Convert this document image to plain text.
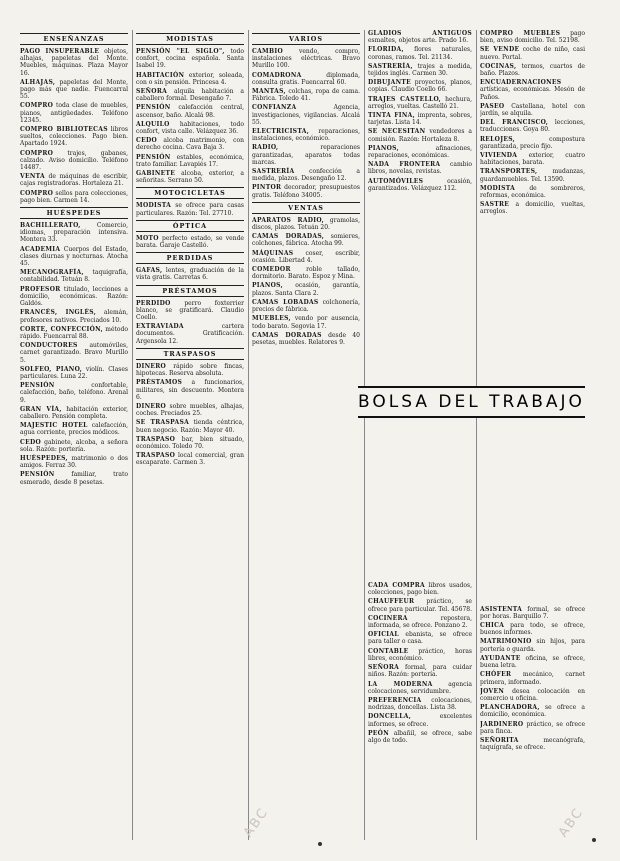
ENSEÑANZAS

PAGO INSUPERABLE objetos, alhajas, papeletas del Monte. Muebles, máquinas. Plaza Mayor 16.

ALHAJAS, papeletas del Monte, pago más que nadie. Fuencarral 55.

COMPRO toda clase de muebles, pianos, antigüedades. Teléfono 12345.

COMPRO BIBLIOTECAS libros sueltos, colecciones. Pago bien. Apartado 1924.

COMPRO trajes, gabanes, calzado. Aviso domicilio. Teléfono 14487.

VENTA de máquinas de escribir, cajas registradoras. Hortaleza 21.

COMPRO sellos para colecciones, pago bien. Carmen 14.

HUÉSPEDES

BACHILLERATO,	Comercio, idiomas, preparación intensiva. Montera 33.

ACADEMIA Cuerpos del Estado, clases diurnas y nocturnas. Atocha 45.

MECANOGRAFÍA, taquigrafía, contabilidad. Tetuán 8.

PROFESOR titulado, lecciones a domicilio, económicas. Razón: Galdós.

FRANCÉS, INGLÉS, alemán, profesores nativos. Preciados 10.

CORTE, CONFECCIÓN, método rápido. Fuencarral 88.

CONDUCTORES automóviles, carnet garantizado. Bravo Murillo 5.

SOLFEO, PIANO, violín. Clases particulares. Luna 22.

PENSIÓN	confortable, calefacción, baño, teléfono. Arenal 9.

GRAN VÍA, habitación exterior, caballero. Pensión completa.

MAJESTIC HOTEL calefacción, agua corriente, precios módicos.

CEDO gabinete, alcoba, a señora sola. Razón: portería.

HUÉSPEDES, matrimonio o dos amigos. Ferraz 30.

PENSIÓN	familiar, trato esmerado, desde 8 pesetas.

MODISTAS

PENSIÓN "EL SIGLO", todo confort, cocina española. Santa Isabel 19.

HABITACIÓN exterior, soleada, con o sin pensión. Princesa 4.

SEÑORA alquila habitación a caballero formal. Desengaño 7.

PENSIÓN calefacción central, ascensor, baño. Alcalá 98.

ALQUILO habitaciones, todo confort, vista calle. Velázquez 36.

CEDO alcoba matrimonio, con derecho cocina. Cava Baja 3.

PENSIÓN estables, económica, trato familiar. Lavapiés 17.

GABINETE alcoba, exterior, a señoritas. Serrano 50.

MOTOCICLETAS

MODISTA se ofrece para casas particulares. Razón: Tel. 27710.

ÓPTICA

MOTO perfecto estado, se vende barata. Garaje Castelló.

PERDIDAS

GAFAS, lentes, graduación de la vista gratis. Carretas 6.

PRÉSTAMOS

PERDIDO perro foxterrier blanco, se gratificará. Claudio Coello.

EXTRAVIADA	cartera documentos. Gratificación. Argensola 12.

TRASPASOS

DINERO rápido sobre fincas, hipotecas. Reserva absoluta.

PRÉSTAMOS a funcionarios, militares, sin descuento. Montera 6.

DINERO sobre muebles, alhajas, coches. Preciados 25.

SE TRASPASA tienda céntrica, buen negocio. Razón: Mayor 40.

TRASPASO bar, bien situado, económico. Toledo 70.

TRASPASO local comercial, gran escaparate. Carmen 3.

VARIOS

CAMBIO	vendo, compro, instalaciones eléctricas. Bravo Murillo 100.

COMADRONA	diplomada, consulta gratis. Fuencarral 60.

MANTAS, colchas, ropa de cama. Fábrica. Toledo 41.

CONFIANZA	Agencia, investigaciones, vigilancias. Alcalá 55.

ELECTRICISTA, reparaciones, instalaciones, económico.

RADIO,	reparaciones garantizadas, aparatos todas marcas.

SASTRERÍA confección a medida, plazos. Desengaño 12.

PINTOR decorador, presupuestos gratis. Teléfono 34005.

VENTAS

APARATOS RADIO, gramolas, discos, plazos. Tetuán 20.

CAMAS DORADAS, somieres, colchones, fábrica. Atocha 99.

MÁQUINAS coser, escribir, ocasión. Libertad 4.

COMEDOR	roble tallado, dormitorio. Barato. Espoz y Mina.

PIANOS, ocasión, garantía, plazos. Santa Clara 2.

CAMAS LOBADAS colchonería, precios de fábrica.

MUEBLES, vendo por ausencia, todo barato. Segovia 17.

CAMAS DORADAS desde 40 pesetas, muebles. Relatores 9.

GLADIOS ANTIGUOS esmaltes, objetos arte. Prado 16.

FLORIDA, flores naturales, coronas, ramos. Tel. 21134.

SASTRERÍA, trajes a medida, tejidos inglés. Carmen 30.

DIBUJANTE proyectos, planos, copias. Claudio Coello 66.

TRAJES CASTELLO, hechura, arreglos, vueltas. Castelló 21.

TINTA FINA, imprenta, sobres, tarjetas. Lista 14.

SE NECESITAN vendedores a comisión. Razón: Hortaleza 8.

PIANOS,	afinaciones, reparaciones, económicas.

NADA FRONTERA cambio libros, novelas, revistas.

AUTOMÓVILES	ocasión, garantizados. Velázquez 112.

CADA COMPRA libros usados, colecciones, pago bien.

CHAUFFEUR práctico, se ofrece para particular. Tel. 45678.

COCINERA	repostera, informada, se ofrece. Ponzano 2.

OFICIAL ebanista, se ofrece para taller o casa.

CONTABLE práctico, horas libres, económico.

SEÑORA formal, para cuidar niños. Razón: portería.

LA MODERNA	agencia colocaciones, servidumbre.

PREFERENCIA colocaciones, nodrizas, doncellas. Lista 38.

DONCELLA,	excelentes informes, se ofrece.

PEÓN albañil, se ofrece, sabe algo de todo.

COMPRO MUEBLES pago bien, aviso domicilio. Tel. 52198.

SE VENDE coche de niño, casi nuevo. Portal.

COCINAS, termos, cuartos de baño. Plazos.

ENCUADERNACIONES artísticas, económicas. Mesón de Paños.

PASEO Castellana, hotel con jardín, se alquila.

DEL FRANCISCO, lecciones, traducciones. Goya 80.

RELOJES,	compostura garantizada, precio fijo.

VIVIENDA exterior, cuatro habitaciones, barata.

TRANSPORTES,	mudanzas, guardamuebles. Tel. 13590.

MODISTA de sombreros, reformas, económica.

SASTRE a domicilio, vueltas, arreglos.

ASISTENTA formal, se ofrece por horas. Barquillo 7.

CHICA para todo, se ofrece, buenos informes.

MATRIMONIO sin hijos, para portería o guarda.

AYUDANTE oficina, se ofrece, buena letra.

CHÓFER mecánico, carnet primera, informado.

JOVEN desea colocación en comercio u oficina.

PLANCHADORA, se ofrece a domicilio, económica.

JARDINERO práctico, se ofrece para finca.

SEÑORITA	mecanógrafa, taquígrafa, se ofrece.

BOLSA DEL TRABAJO
ABC	ABC
